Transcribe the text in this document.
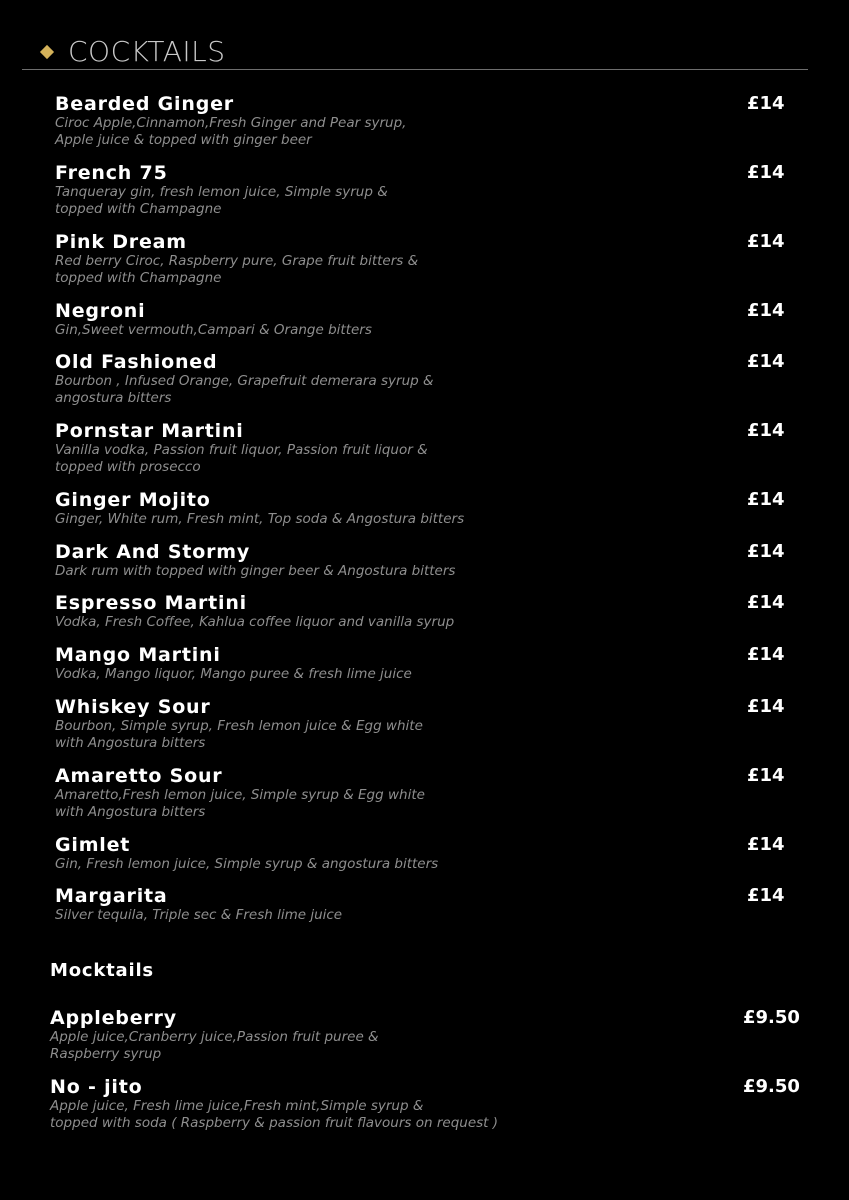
COCKTAILS
Bearded Ginger
Ciroc Apple,Cinnamon,Fresh Ginger and Pear syrup,
Apple juice & topped with ginger beer
£14
French 75
Tanqueray gin, fresh lemon juice, Simple syrup &
topped with Champagne
£14
Pink Dream
Red berry Ciroc, Raspberry pure, Grape fruit bitters &
topped with Champagne
£14
Negroni
Gin,Sweet vermouth,Campari & Orange bitters
£14
Old Fashioned
Bourbon , Infused Orange, Grapefruit demerara syrup &
angostura bitters
£14
Pornstar Martini
Vanilla vodka, Passion fruit liquor, Passion fruit liquor &
topped with prosecco
£14
Ginger Mojito
Ginger, White rum, Fresh mint, Top soda & Angostura bitters
£14
Dark And Stormy
Dark rum with topped with ginger beer & Angostura bitters
£14
Espresso Martini
Vodka, Fresh Coffee, Kahlua coffee liquor and vanilla syrup
£14
Mango Martini
Vodka, Mango liquor, Mango puree & fresh lime juice
£14
Whiskey Sour
Bourbon, Simple syrup, Fresh lemon juice & Egg white
with Angostura bitters
£14
Amaretto Sour
Amaretto,Fresh lemon juice, Simple syrup & Egg white
with Angostura bitters
£14
Gimlet
Gin, Fresh lemon juice, Simple syrup & angostura bitters
£14
Margarita
Silver tequila, Triple sec & Fresh lime juice
£14
Mocktails
Appleberry
Apple juice,Cranberry juice,Passion fruit puree &
Raspberry syrup
£9.50
No - jito
Apple juice, Fresh lime juice,Fresh mint,Simple syrup &
topped with soda ( Raspberry & passion fruit flavours on request )
£9.50
